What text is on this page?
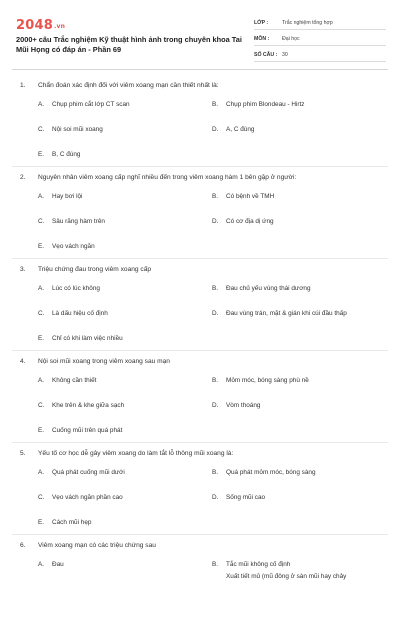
2048.vn
2000+ câu Trắc nghiệm Kỹ thuật hình ảnh trong chuyên khoa Tai Mũi Họng có đáp án - Phần 69
LỚP :	Trắc nghiệm tổng hợp
MÔN :	Đại học
SỐ CÂU : 30
1.	Chẩn đoán xác định đối với viêm xoang mạn cần thiết nhất là:
A.	Chụp phim cắt lớp CT scan	B.	Chụp phim Blondeau - Hirtz
C.	Nội soi mũi xoang	D.	A, C đúng
E.	B, C đúng
2.	Nguyên nhân viêm xoang cấp nghĩ nhiều đến trong viêm xoang hàm 1 bên gặp ở người:
A.	Hay bơi lội	B.	Có bệnh về TMH
C.	Sâu răng hàm trên	D.	Có cơ địa dị ứng
E.	Vẹo vách ngăn
3.	Triệu chứng đau trong viêm xoang cấp
A.	Lúc có lúc không	B.	Đau chủ yếu vùng thái dương
C.	Là dấu hiệu cố định	D.	Đau vùng trán, mặt & gián khi cúi đầu thấp
E.	Chỉ có khi làm việc nhiều
4.	Nội soi mũi xoang trong viêm xoang sau mạn
A.	Không cần thiết	B.	Mỏm móc, bóng sàng phù nề
C.	Khe trên & khe giữa sạch	D.	Vòm thoáng
E.	Cuống mũi trên quá phát
5.	Yếu tố cơ học dễ gây viêm xoang do làm tắt lỗ thông mũi xoang là:
A.	Quá phát cuống mũi dưới	B.	Quá phát mỏm móc, bóng sàng
C.	Vẹo vách ngăn phần cao	D.	Sống mũi cao
E.	Cách mũi hẹp
6.	Viêm xoang mạn có các triệu chứng sau
A.	Đau	B.	Tắc mũi không cố định
Xuất tiết mủ (mũ đông ở sàn mũi hay chảy
